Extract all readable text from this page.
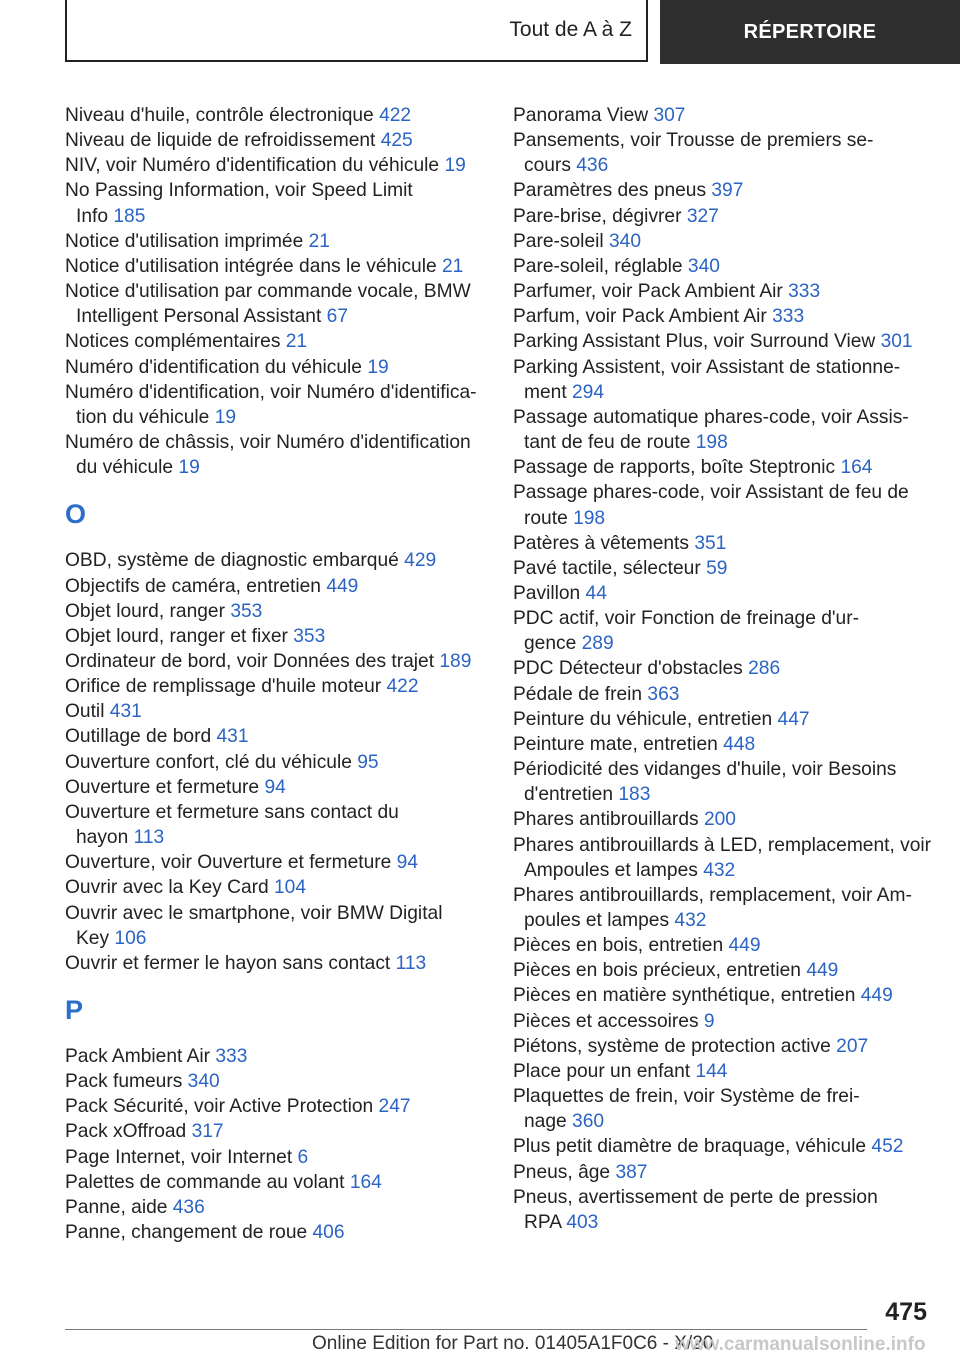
Tout de A à Z	RÉPERTOIRE
Niveau d'huile, contrôle électronique 422
Niveau de liquide de refroidissement 425
NIV, voir Numéro d'identification du véhicule 19
No Passing Information, voir Speed Limit
Info 185
Notice d'utilisation imprimée 21
Notice d'utilisation intégrée dans le véhicule 21
Notice d'utilisation par commande vocale, BMW
Intelligent Personal Assistant 67
Notices complémentaires 21
Numéro d'identification du véhicule 19
Numéro d'identification, voir Numéro d'identifica-
tion du véhicule 19
Numéro de châssis, voir Numéro d'identification
du véhicule 19
O
OBD, système de diagnostic embarqué 429
Objectifs de caméra, entretien 449
Objet lourd, ranger 353
Objet lourd, ranger et fixer 353
Ordinateur de bord, voir Données des trajet 189
Orifice de remplissage d'huile moteur 422
Outil 431
Outillage de bord 431
Ouverture confort, clé du véhicule 95
Ouverture et fermeture 94
Ouverture et fermeture sans contact du
hayon 113
Ouverture, voir Ouverture et fermeture 94
Ouvrir avec la Key Card 104
Ouvrir avec le smartphone, voir BMW Digital
Key 106
Ouvrir et fermer le hayon sans contact 113
P
Pack Ambient Air 333
Pack fumeurs 340
Pack Sécurité, voir Active Protection 247
Pack xOffroad 317
Page Internet, voir Internet 6
Palettes de commande au volant 164
Panne, aide 436
Panne, changement de roue 406
Panorama View 307
Pansements, voir Trousse de premiers se-
cours 436
Paramètres des pneus 397
Pare-brise, dégivrer 327
Pare-soleil 340
Pare-soleil, réglable 340
Parfumer, voir Pack Ambient Air 333
Parfum, voir Pack Ambient Air 333
Parking Assistant Plus, voir Surround View 301
Parking Assistent, voir Assistant de stationne-
ment 294
Passage automatique phares-code, voir Assis-
tant de feu de route 198
Passage de rapports, boîte Steptronic 164
Passage phares-code, voir Assistant de feu de
route 198
Patères à vêtements 351
Pavé tactile, sélecteur 59
Pavillon 44
PDC actif, voir Fonction de freinage d'ur-
gence 289
PDC Détecteur d'obstacles 286
Pédale de frein 363
Peinture du véhicule, entretien 447
Peinture mate, entretien 448
Périodicité des vidanges d'huile, voir Besoins
d'entretien 183
Phares antibrouillards 200
Phares antibrouillards à LED, remplacement, voir
Ampoules et lampes 432
Phares antibrouillards, remplacement, voir Am-
poules et lampes 432
Pièces en bois, entretien 449
Pièces en bois précieux, entretien 449
Pièces en matière synthétique, entretien 449
Pièces et accessoires 9
Piétons, système de protection active 207
Place pour un enfant 144
Plaquettes de frein, voir Système de frei-
nage 360
Plus petit diamètre de braquage, véhicule 452
Pneus, âge 387
Pneus, avertissement de perte de pression
RPA 403
475
Online Edition for Part no. 01405A1F0C6 - X/20
www.carmanualsonline.info
